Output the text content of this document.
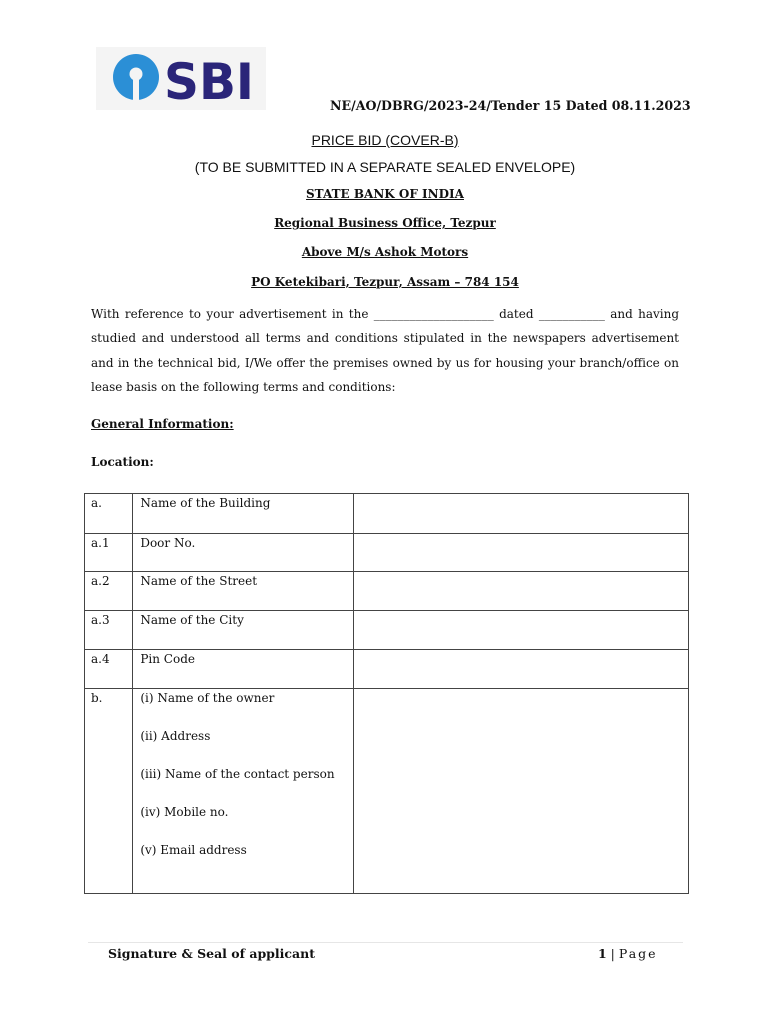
SBI	NE/AO/DBRG/2023-24/Tender 15 Dated 08.11.2023
PRICE BID (COVER-B)
(TO BE SUBMITTED IN A SEPARATE SEALED ENVELOPE)
STATE BANK OF INDIA
Regional Business Office, Tezpur
Above M/s Ashok Motors
PO Ketekibari, Tezpur, Assam – 784 154
With reference to your advertisement in the ____________________ dated ___________ and having studied and understood all terms and conditions stipulated in the newspapers advertisement and in the technical bid, I/We offer the premises owned by us for housing your branch/office on lease basis on the following terms and conditions:
General Information:
Location:
a.	Name of the Building	
a.1	Door No.	
a.2	Name of the Street	
a.3	Name of the City	
a.4	Pin Code	
b.	(i) Name of the owner
(ii) Address
(iii) Name of the contact person
(iv) Mobile no.
(v) Email address	

Signature & Seal of applicant	1 | Page
